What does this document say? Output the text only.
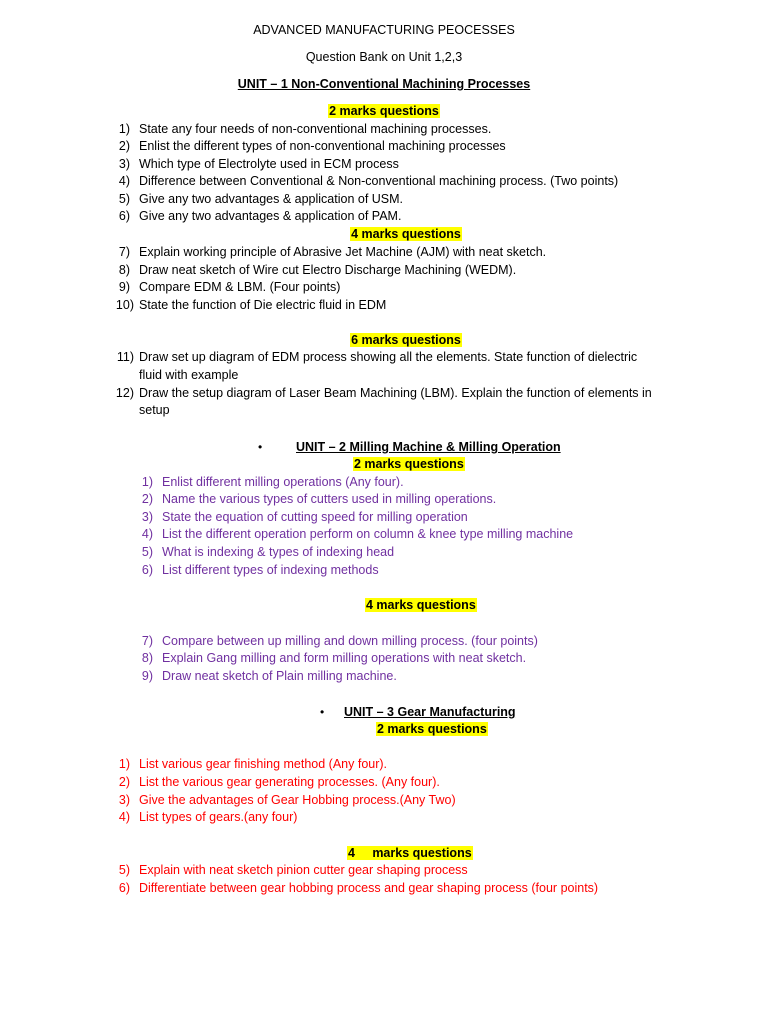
ADVANCED MANUFACTURING PEOCESSES
Question Bank on Unit 1,2,3
UNIT – 1 Non-Conventional Machining Processes
2 marks questions
1) State any four needs of non-conventional machining processes.
2) Enlist the different types of non-conventional machining processes
3) Which type of Electrolyte used in ECM process
4) Difference between Conventional & Non-conventional machining process. (Two points)
5) Give any two advantages & application of USM.
6) Give any two advantages & application of PAM.
4 marks questions
7) Explain working principle of Abrasive Jet Machine (AJM) with neat sketch.
8) Draw neat sketch of Wire cut Electro Discharge Machining (WEDM).
9) Compare EDM & LBM. (Four points)
10) State the function of Die electric fluid in EDM
6 marks questions
11) Draw set up diagram of EDM process showing all the elements. State function of dielectric
fluid with example
12) Draw the setup diagram of Laser Beam Machining (LBM). Explain the function of elements in
setup
•	UNIT – 2 Milling Machine & Milling Operation
2 marks questions
1) Enlist different milling operations (Any four).
2) Name the various types of cutters used in milling operations.
3) State the equation of cutting speed for milling operation
4) List the different operation perform on column & knee type milling machine
5) What is indexing & types of indexing head
6) List different types of indexing methods
4 marks questions
7) Compare between up milling and down milling process. (four points)
8) Explain Gang milling and form milling operations with neat sketch.
9) Draw neat sketch of Plain milling machine.
• UNIT – 3 Gear Manufacturing
2 marks questions
1) List various gear finishing method (Any four).
2) List the various gear generating processes. (Any four).
3) Give the advantages of Gear Hobbing process.(Any Two)
4) List types of gears.(any four)
4     marks questions
5) Explain with neat sketch pinion cutter gear shaping process
6) Differentiate between gear hobbing process and gear shaping process (four points)
